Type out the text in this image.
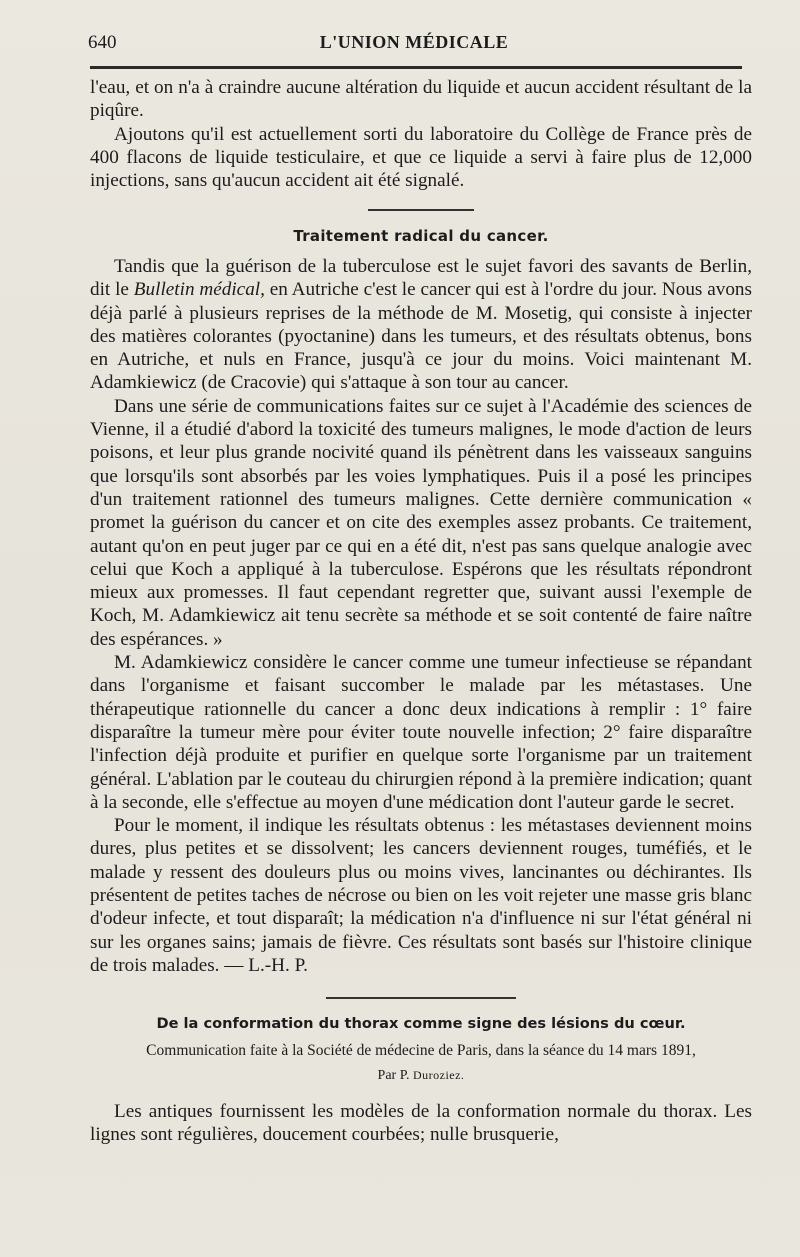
640	L'UNION MÉDICALE

l'eau, et on n'a à craindre aucune altération du liquide et aucun accident résultant de la piqûre.

Ajoutons qu'il est actuellement sorti du laboratoire du Collège de France près de 400 flacons de liquide testiculaire, et que ce liquide a servi à faire plus de 12,000 injections, sans qu'aucun accident ait été signalé.

Traitement radical du cancer.

Tandis que la guérison de la tuberculose est le sujet favori des savants de Berlin, dit le Bulletin médical, en Autriche c'est le cancer qui est à l'ordre du jour. Nous avons déjà parlé à plusieurs reprises de la méthode de M. Mosetig, qui consiste à injecter des matières colorantes (pyoctanine) dans les tumeurs, et des résultats obtenus, bons en Autriche, et nuls en France, jusqu'à ce jour du moins. Voici maintenant M. Adamkiewicz (de Cracovie) qui s'attaque à son tour au cancer.

Dans une série de communications faites sur ce sujet à l'Académie des sciences de Vienne, il a étudié d'abord la toxicité des tumeurs malignes, le mode d'action de leurs poisons, et leur plus grande nocivité quand ils pénètrent dans les vaisseaux sanguins que lorsqu'ils sont absorbés par les voies lymphatiques. Puis il a posé les principes d'un traitement rationnel des tumeurs malignes. Cette dernière communication « promet la guérison du cancer et on cite des exemples assez probants. Ce traitement, autant qu'on en peut juger par ce qui en a été dit, n'est pas sans quelque analogie avec celui que Koch a appliqué à la tuberculose. Espérons que les résultats répondront mieux aux promesses. Il faut cependant regretter que, suivant aussi l'exemple de Koch, M. Adamkiewicz ait tenu secrète sa méthode et se soit contenté de faire naître des espérances. »

M. Adamkiewicz considère le cancer comme une tumeur infectieuse se répandant dans l'organisme et faisant succomber le malade par les métastases. Une thérapeutique rationnelle du cancer a donc deux indications à remplir : 1° faire disparaître la tumeur mère pour éviter toute nouvelle infection; 2° faire disparaître l'infection déjà produite et purifier en quelque sorte l'organisme par un traitement général. L'ablation par le couteau du chirurgien répond à la première indication; quant à la seconde, elle s'effectue au moyen d'une médication dont l'auteur garde le secret.

Pour le moment, il indique les résultats obtenus : les métastases deviennent moins dures, plus petites et se dissolvent; les cancers deviennent rouges, tuméfiés, et le malade y ressent des douleurs plus ou moins vives, lancinantes ou déchirantes. Ils présentent de petites taches de nécrose ou bien on les voit rejeter une masse gris blanc d'odeur infecte, et tout disparaît; la médication n'a d'influence ni sur l'état général ni sur les organes sains; jamais de fièvre. Ces résultats sont basés sur l'histoire clinique de trois malades. — L.-H. P.

De la conformation du thorax comme signe des lésions du cœur.
Communication faite à la Société de médecine de Paris, dans la séance du 14 mars 1891,
Par P. Duroziez.

Les antiques fournissent les modèles de la conformation normale du thorax. Les lignes sont régulières, doucement courbées; nulle brusquerie,
